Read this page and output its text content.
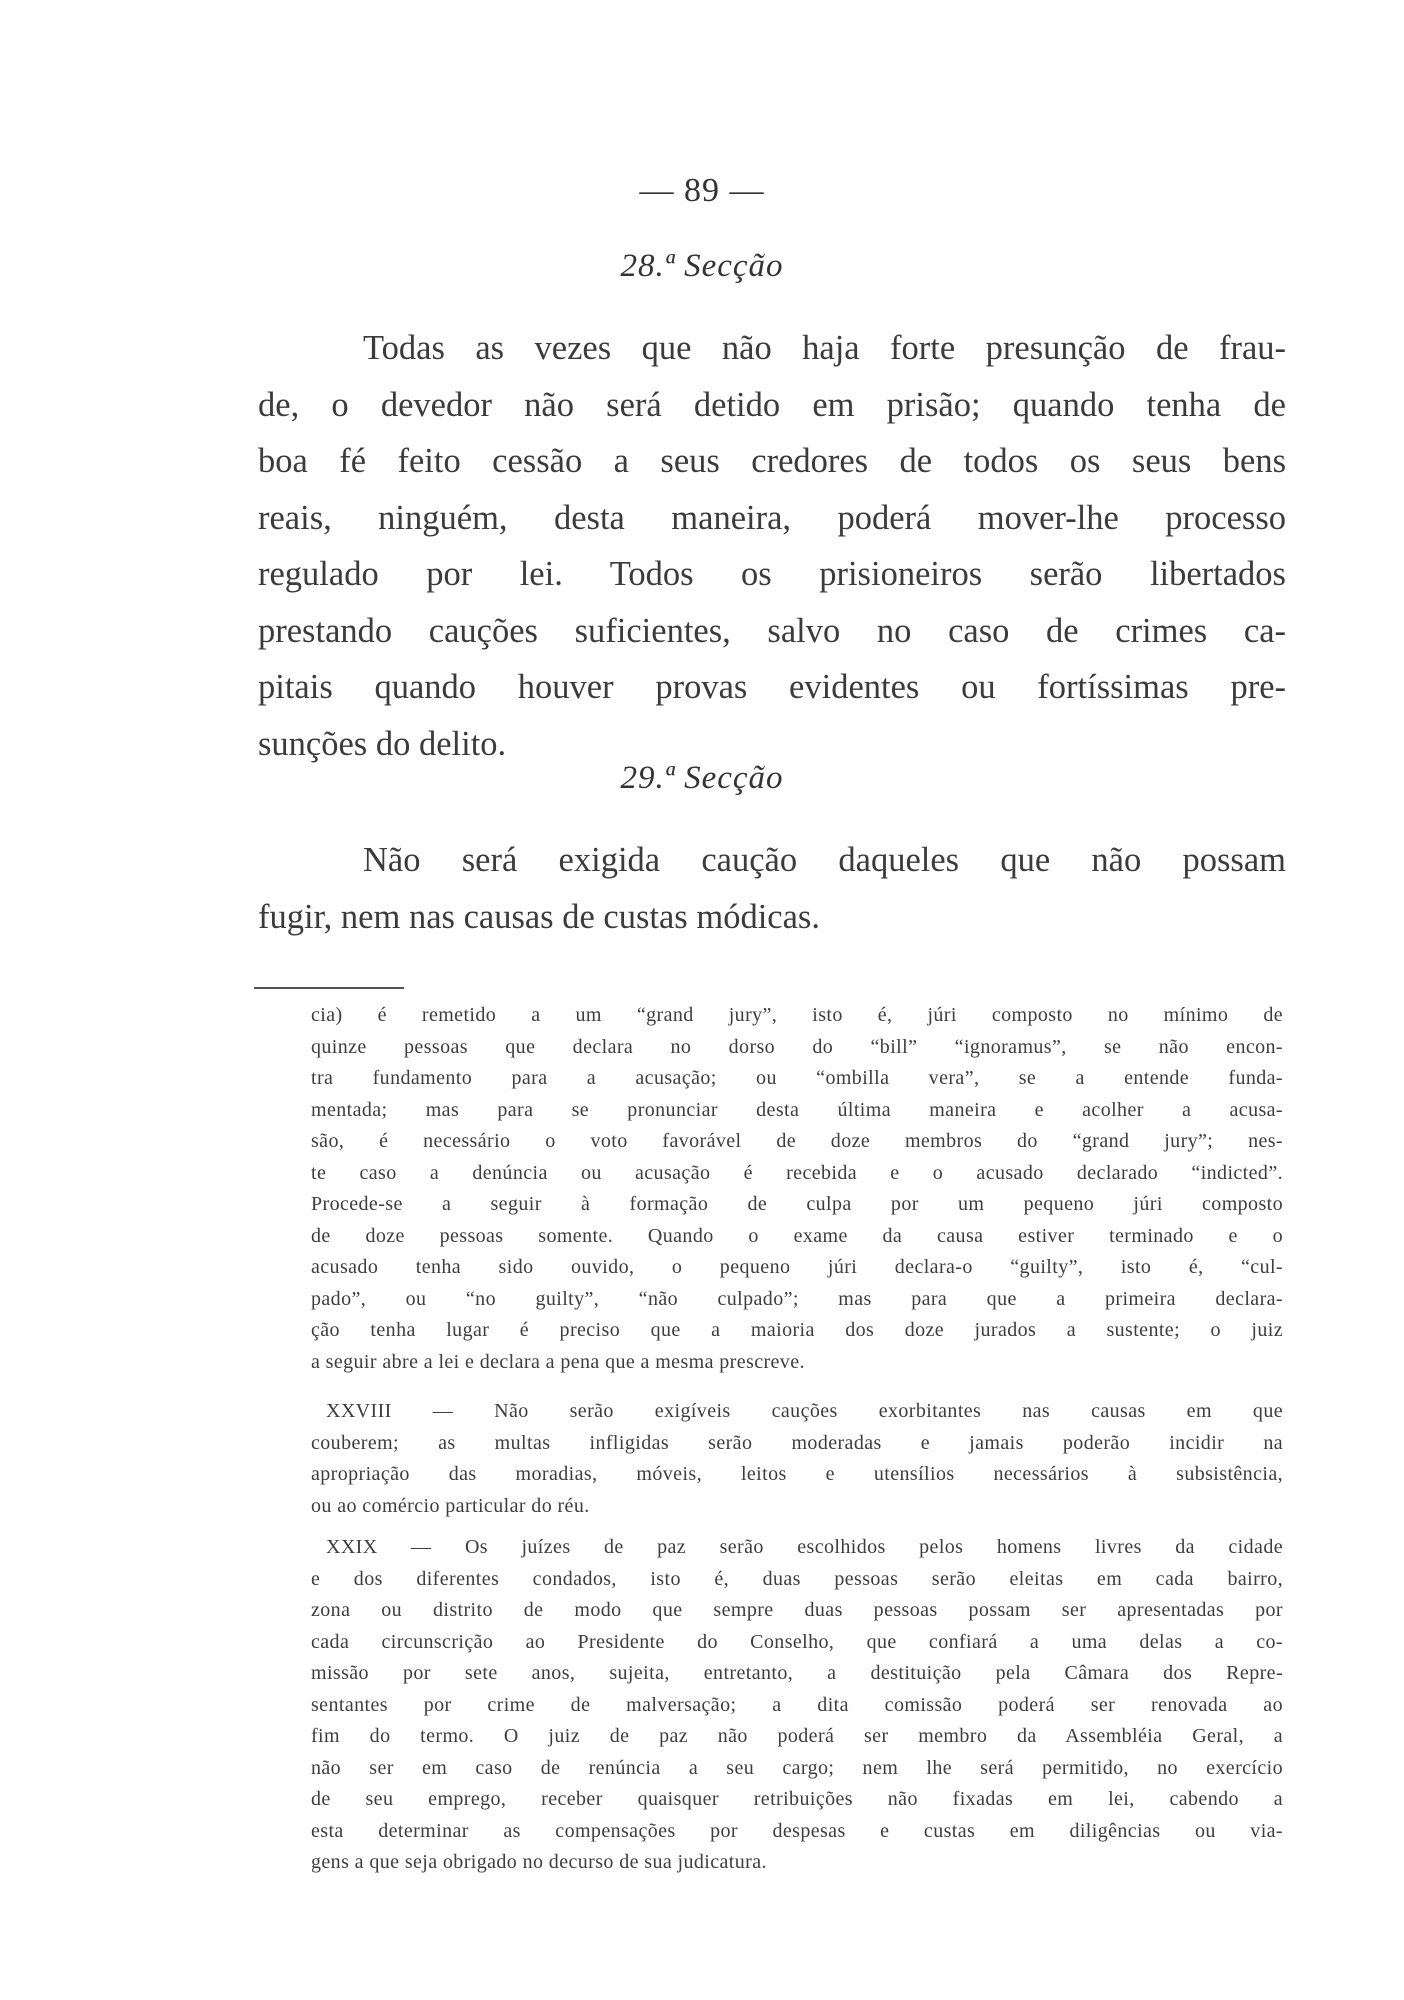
— 89 —
28.ª Secção
Todas as vezes que não haja forte presunção de frau-
de, o devedor não será detido em prisão; quando tenha de
boa fé feito cessão a seus credores de todos os seus bens
reais, ninguém, desta maneira, poderá mover-lhe processo
regulado por lei. Todos os prisioneiros serão libertados
prestando cauções suficientes, salvo no caso de crimes ca-
pitais quando houver provas evidentes ou fortíssimas pre-
sunções do delito.
29.ª Secção
Não será exigida caução daqueles que não possam
fugir, nem nas causas de custas módicas.
cia) é remetido a um “grand jury”, isto é, júri composto no mínimo de
quinze pessoas que declara no dorso do “bill” “ignoramus”, se não encon-
tra fundamento para a acusação; ou “ombilla vera”, se a entende funda-
mentada; mas para se pronunciar desta última maneira e acolher a acusa-
são, é necessário o voto favorável de doze membros do “grand jury”; nes-
te caso a denúncia ou acusação é recebida e o acusado declarado “indicted”.
Procede-se a seguir à formação de culpa por um pequeno júri composto
de doze pessoas somente. Quando o exame da causa estiver terminado e o
acusado tenha sido ouvido, o pequeno júri declara-o “guilty”, isto é, “cul-
pado”, ou “no guilty”, “não culpado”; mas para que a primeira declara-
ção tenha lugar é preciso que a maioria dos doze jurados a sustente; o juiz
a seguir abre a lei e declara a pena que a mesma prescreve.
XXVIII — Não serão exigíveis cauções exorbitantes nas causas em que
couberem; as multas infligidas serão moderadas e jamais poderão incidir na
apropriação das moradias, móveis, leitos e utensílios necessários à subsistência,
ou ao comércio particular do réu.
XXIX — Os juízes de paz serão escolhidos pelos homens livres da cidade
e dos diferentes condados, isto é, duas pessoas serão eleitas em cada bairro,
zona ou distrito de modo que sempre duas pessoas possam ser apresentadas por
cada circunscrição ao Presidente do Conselho, que confiará a uma delas a co-
missão por sete anos, sujeita, entretanto, a destituição pela Câmara dos Repre-
sentantes por crime de malversação; a dita comissão poderá ser renovada ao
fim do termo. O juiz de paz não poderá ser membro da Assembléia Geral, a
não ser em caso de renúncia a seu cargo; nem lhe será permitido, no exercício
de seu emprego, receber quaisquer retribuições não fixadas em lei, cabendo a
esta determinar as compensações por despesas e custas em diligências ou via-
gens a que seja obrigado no decurso de sua judicatura.
